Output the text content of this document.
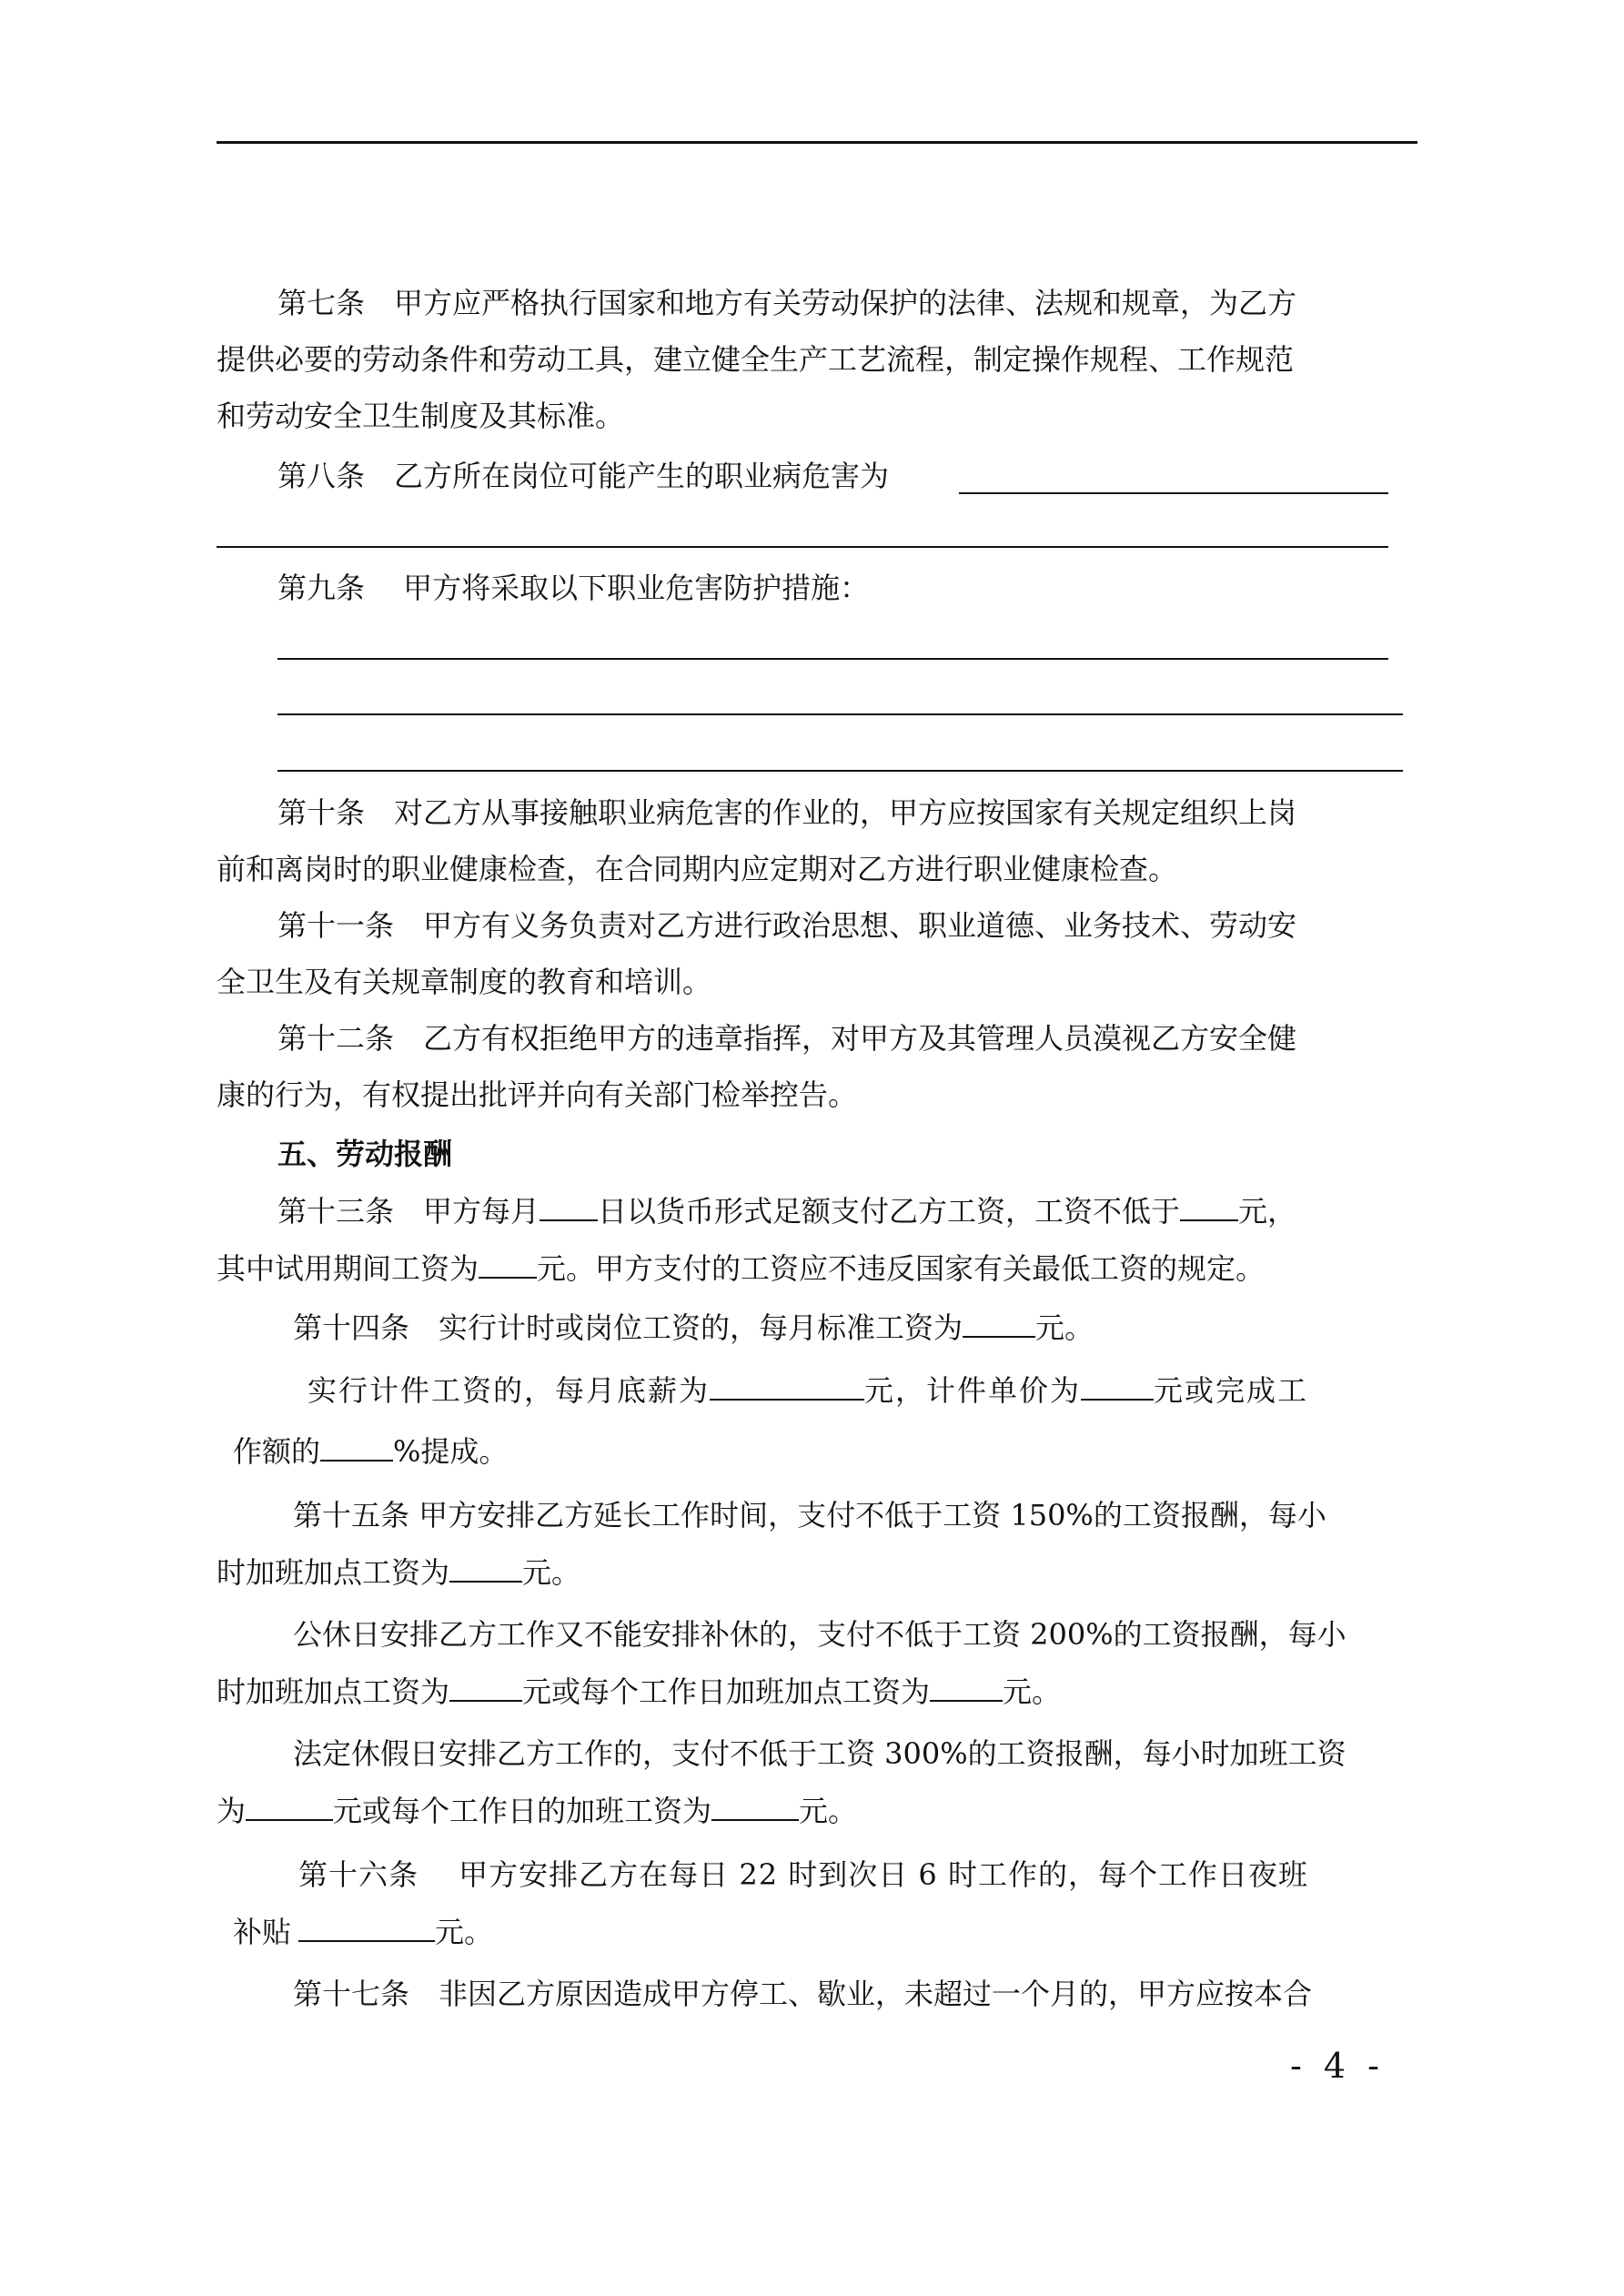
第七条　甲方应严格执行国家和地方有关劳动保护的法律、法规和规章，为乙方

提供必要的劳动条件和劳动工具，建立健全生产工艺流程，制定操作规程、工作规范

和劳动安全卫生制度及其标准。

第八条　乙方所在岗位可能产生的职业病危害为

第九条　 甲方将采取以下职业危害防护措施：

第十条　对乙方从事接触职业病危害的作业的，甲方应按国家有关规定组织上岗

前和离岗时的职业健康检查，在合同期内应定期对乙方进行职业健康检查。

第十一条　甲方有义务负责对乙方进行政治思想、职业道德、业务技术、劳动安

全卫生及有关规章制度的教育和培训。

第十二条　乙方有权拒绝甲方的违章指挥，对甲方及其管理人员漠视乙方安全健

康的行为，有权提出批评并向有关部门检举控告。

五、劳动报酬

第十三条　甲方每月 日以货币形式足额支付乙方工资，工资不低于 元，

其中试用期间工资为 元。甲方支付的工资应不违反国家有关最低工资的规定。

第十四条　实行计时或岗位工资的，每月标准工资为	元。

实行计件工资的，每月底薪为	元，计件单价为	元或完成工

作额的	%提成。

第十五条 甲方安排乙方延长工作时间，支付不低于工资 150%的工资报酬，每小

时加班加点工资为	元。

公休日安排乙方工作又不能安排补休的，支付不低于工资 200%的工资报酬，每小

时加班加点工资为	元或每个工作日加班加点工资为	元。

法定休假日安排乙方工作的，支付不低于工资 300%的工资报酬，每小时加班工资

为	元或每个工作日的加班工资为	元。

第十六条　 甲方安排乙方在每日 22 时到次日 6 时工作的，每个工作日夜班

补贴	元。

第十七条　非因乙方原因造成甲方停工、歇业，未超过一个月的，甲方应按本合

- 4 -
